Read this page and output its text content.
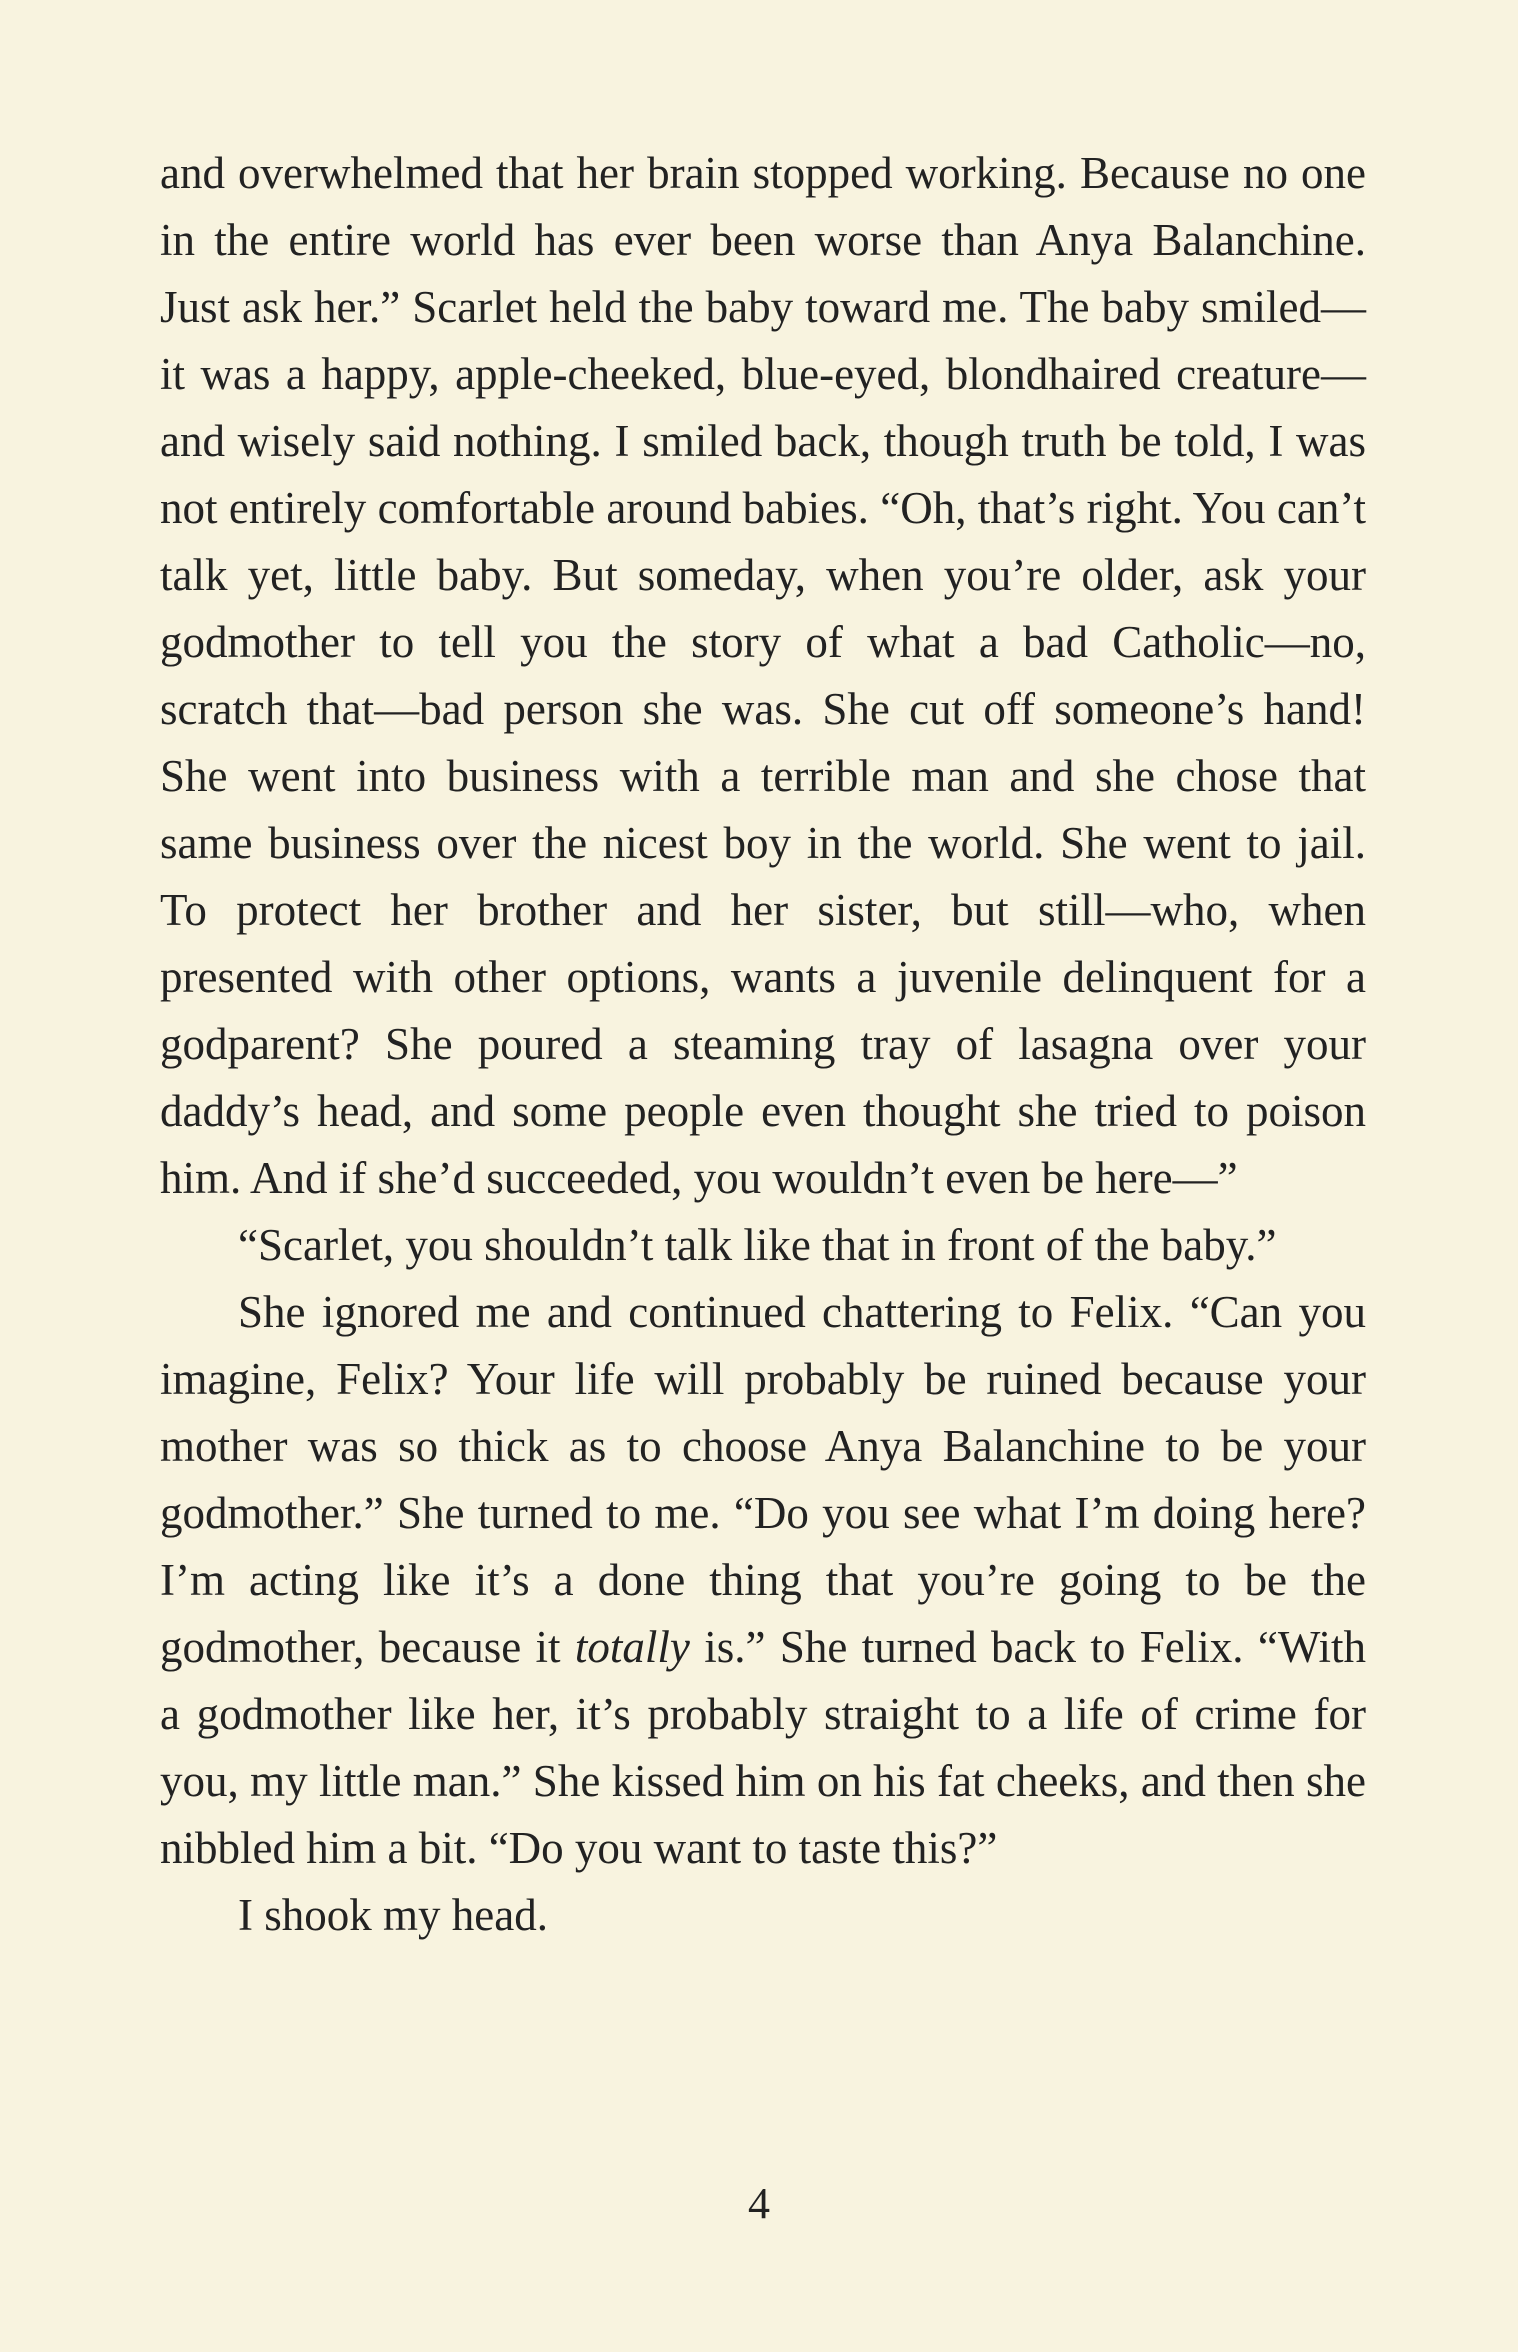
and overwhelmed that her brain stopped working. Because no one in the entire world has ever been worse than Anya Balanchine. Just ask her.” Scarlet held the baby toward me. The baby smiled—it was a happy, apple-cheeked, blue-eyed, blondhaired creature—and wisely said nothing. I smiled back, though truth be told, I was not entirely comfortable around babies. “Oh, that’s right. You can’t talk yet, little baby. But someday, when you’re older, ask your godmother to tell you the story of what a bad Catholic—no, scratch that—bad person she was. She cut off someone’s hand! She went into business with a terrible man and she chose that same business over the nicest boy in the world. She went to jail. To protect her brother and her sister, but still—who, when presented with other options, wants a juvenile delinquent for a godparent? She poured a steaming tray of lasagna over your daddy’s head, and some people even thought she tried to poison him. And if she’d succeeded, you wouldn’t even be here—”

“Scarlet, you shouldn’t talk like that in front of the baby.”

She ignored me and continued chattering to Felix. “Can you imagine, Felix? Your life will probably be ruined because your mother was so thick as to choose Anya Balanchine to be your godmother.” She turned to me. “Do you see what I’m doing here? I’m acting like it’s a done thing that you’re going to be the godmother, because it totally is.” She turned back to Felix. “With a godmother like her, it’s probably straight to a life of crime for you, my little man.” She kissed him on his fat cheeks, and then she nibbled him a bit. “Do you want to taste this?”

I shook my head.

4
